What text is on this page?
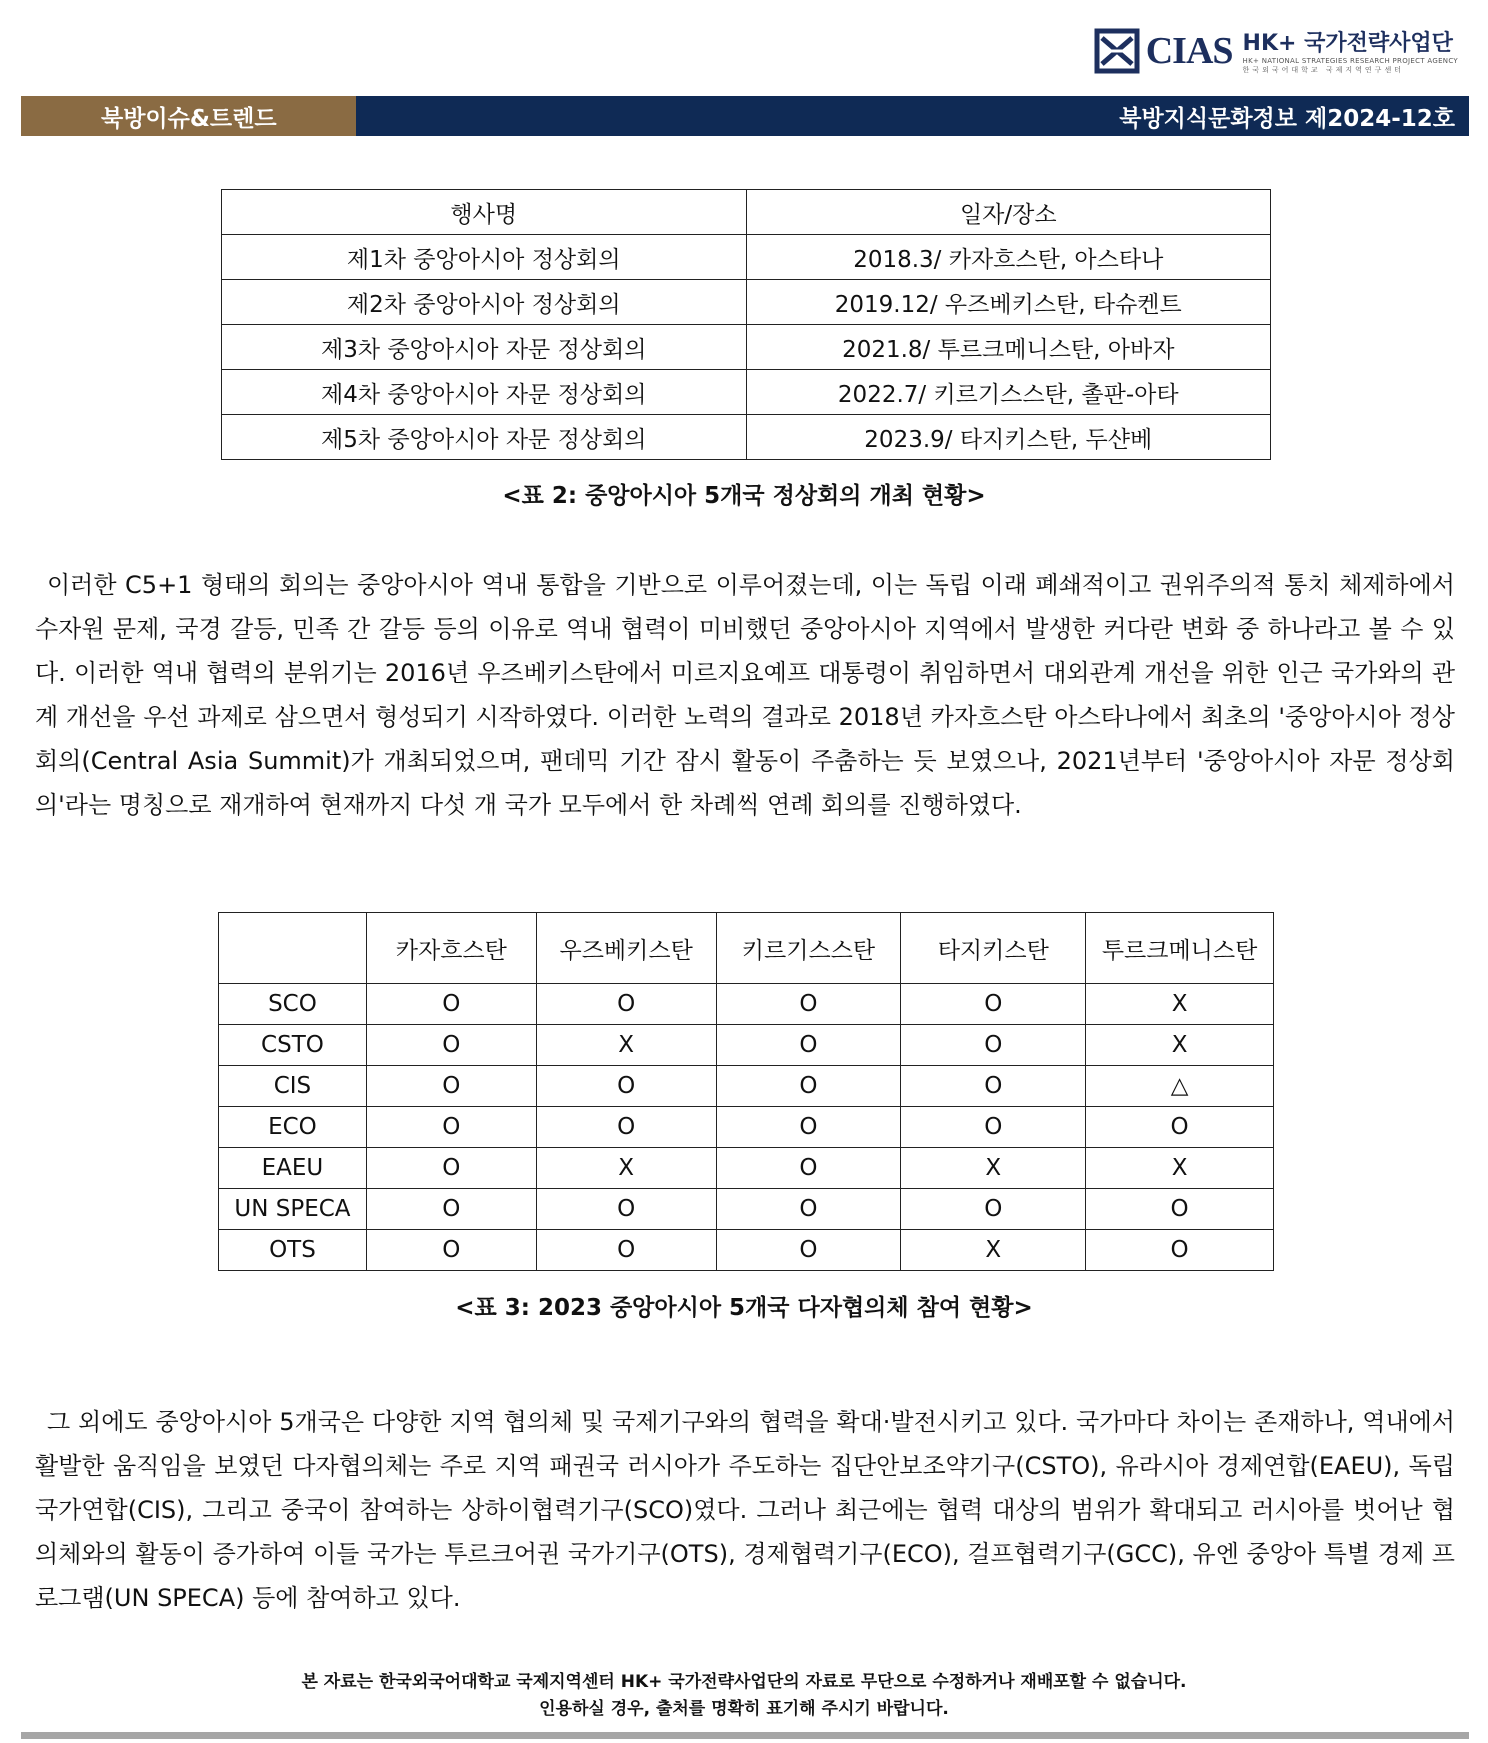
CIAS HK+ 국가전략사업단
HK+ NATIONAL STRATEGIES RESEARCH PROJECT AGENCY
한국외국어대학교 국제지역연구센터
북방이슈&트렌드	북방지식문화정보 제2024-12호
행사명	일자/장소
제1차 중앙아시아 정상회의	2018.3/ 카자흐스탄, 아스타나
제2차 중앙아시아 정상회의	2019.12/ 우즈베키스탄, 타슈켄트
제3차 중앙아시아 자문 정상회의	2021.8/ 투르크메니스탄, 아바자
제4차 중앙아시아 자문 정상회의	2022.7/ 키르기스스탄, 촐판-아타
제5차 중앙아시아 자문 정상회의	2023.9/ 타지키스탄, 두샨베
<표 2: 중앙아시아 5개국 정상회의 개최 현황>

이러한 C5+1 형태의 회의는 중앙아시아 역내 통합을 기반으로 이루어졌는데, 이는 독립 이래 폐쇄적이고 권위주의적 통치 체제하에서 수자원 문제, 국경 갈등, 민족 간 갈등 등의 이유로 역내 협력이 미비했던 중앙아시아 지역에서 발생한 커다란 변화 중 하나라고 볼 수 있다. 이러한 역내 협력의 분위기는 2016년 우즈베키스탄에서 미르지요예프 대통령이 취임하면서 대외관계 개선을 위한 인근 국가와의 관계 개선을 우선 과제로 삼으면서 형성되기 시작하였다. 이러한 노력의 결과로 2018년 카자흐스탄 아스타나에서 최초의 '중앙아시아 정상회의(Central Asia Summit)가 개최되었으며, 팬데믹 기간 잠시 활동이 주춤하는 듯 보였으나, 2021년부터 '중앙아시아 자문 정상회의'라는 명칭으로 재개하여 현재까지 다섯 개 국가 모두에서 한 차례씩 연례 회의를 진행하였다.

	카자흐스탄	우즈베키스탄	키르기스스탄	타지키스탄	투르크메니스탄
SCO	O	O	O	O	X
CSTO	O	X	O	O	X
CIS	O	O	O	O	△
ECO	O	O	O	O	O
EAEU	O	X	O	X	X
UN SPECA	O	O	O	O	O
OTS	O	O	O	X	O
<표 3: 2023 중앙아시아 5개국 다자협의체 참여 현황>

그 외에도 중앙아시아 5개국은 다양한 지역 협의체 및 국제기구와의 협력을 확대·발전시키고 있다. 국가마다 차이는 존재하나, 역내에서 활발한 움직임을 보였던 다자협의체는 주로 지역 패권국 러시아가 주도하는 집단안보조약기구(CSTO), 유라시아 경제연합(EAEU), 독립국가연합(CIS), 그리고 중국이 참여하는 상하이협력기구(SCO)였다. 그러나 최근에는 협력 대상의 범위가 확대되고 러시아를 벗어난 협의체와의 활동이 증가하여 이들 국가는 투르크어권 국가기구(OTS), 경제협력기구(ECO), 걸프협력기구(GCC), 유엔 중앙아 특별 경제 프로그램(UN SPECA) 등에 참여하고 있다.

본 자료는 한국외국어대학교 국제지역센터 HK+ 국가전략사업단의 자료로 무단으로 수정하거나 재배포할 수 없습니다.
인용하실 경우, 출처를 명확히 표기해 주시기 바랍니다.
